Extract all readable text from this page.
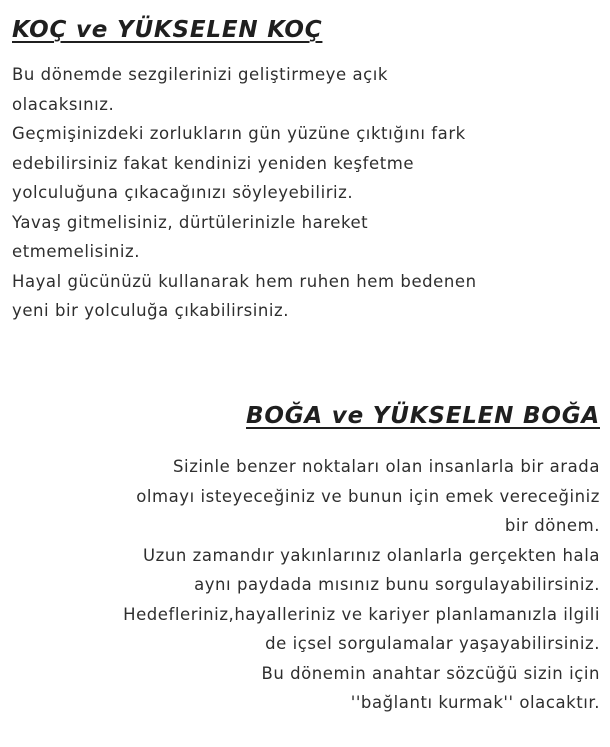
KOÇ ve YÜKSELEN KOÇ
Bu dönemde sezgilerinizi geliştirmeye açık
olacaksınız.
Geçmişinizdeki zorlukların gün yüzüne çıktığını fark
edebilirsiniz fakat kendinizi yeniden keşfetme
yolculuğuna çıkacağınızı söyleyebiliriz.
Yavaş gitmelisiniz, dürtülerinizle hareket
etmemelisiniz.
Hayal gücünüzü kullanarak hem ruhen hem bedenen
yeni bir yolculuğa çıkabilirsiniz.
BOĞA ve YÜKSELEN BOĞA
Sizinle benzer noktaları olan insanlarla bir arada
olmayı isteyeceğiniz ve bunun için emek vereceğiniz
bir dönem.
Uzun zamandır yakınlarınız olanlarla gerçekten hala
aynı paydada mısınız bunu sorgulayabilirsiniz.
Hedefleriniz,hayalleriniz ve kariyer planlamanızla ilgili
de içsel sorgulamalar yaşayabilirsiniz.
Bu dönemin anahtar sözcüğü sizin için
''bağlantı kurmak'' olacaktır.
